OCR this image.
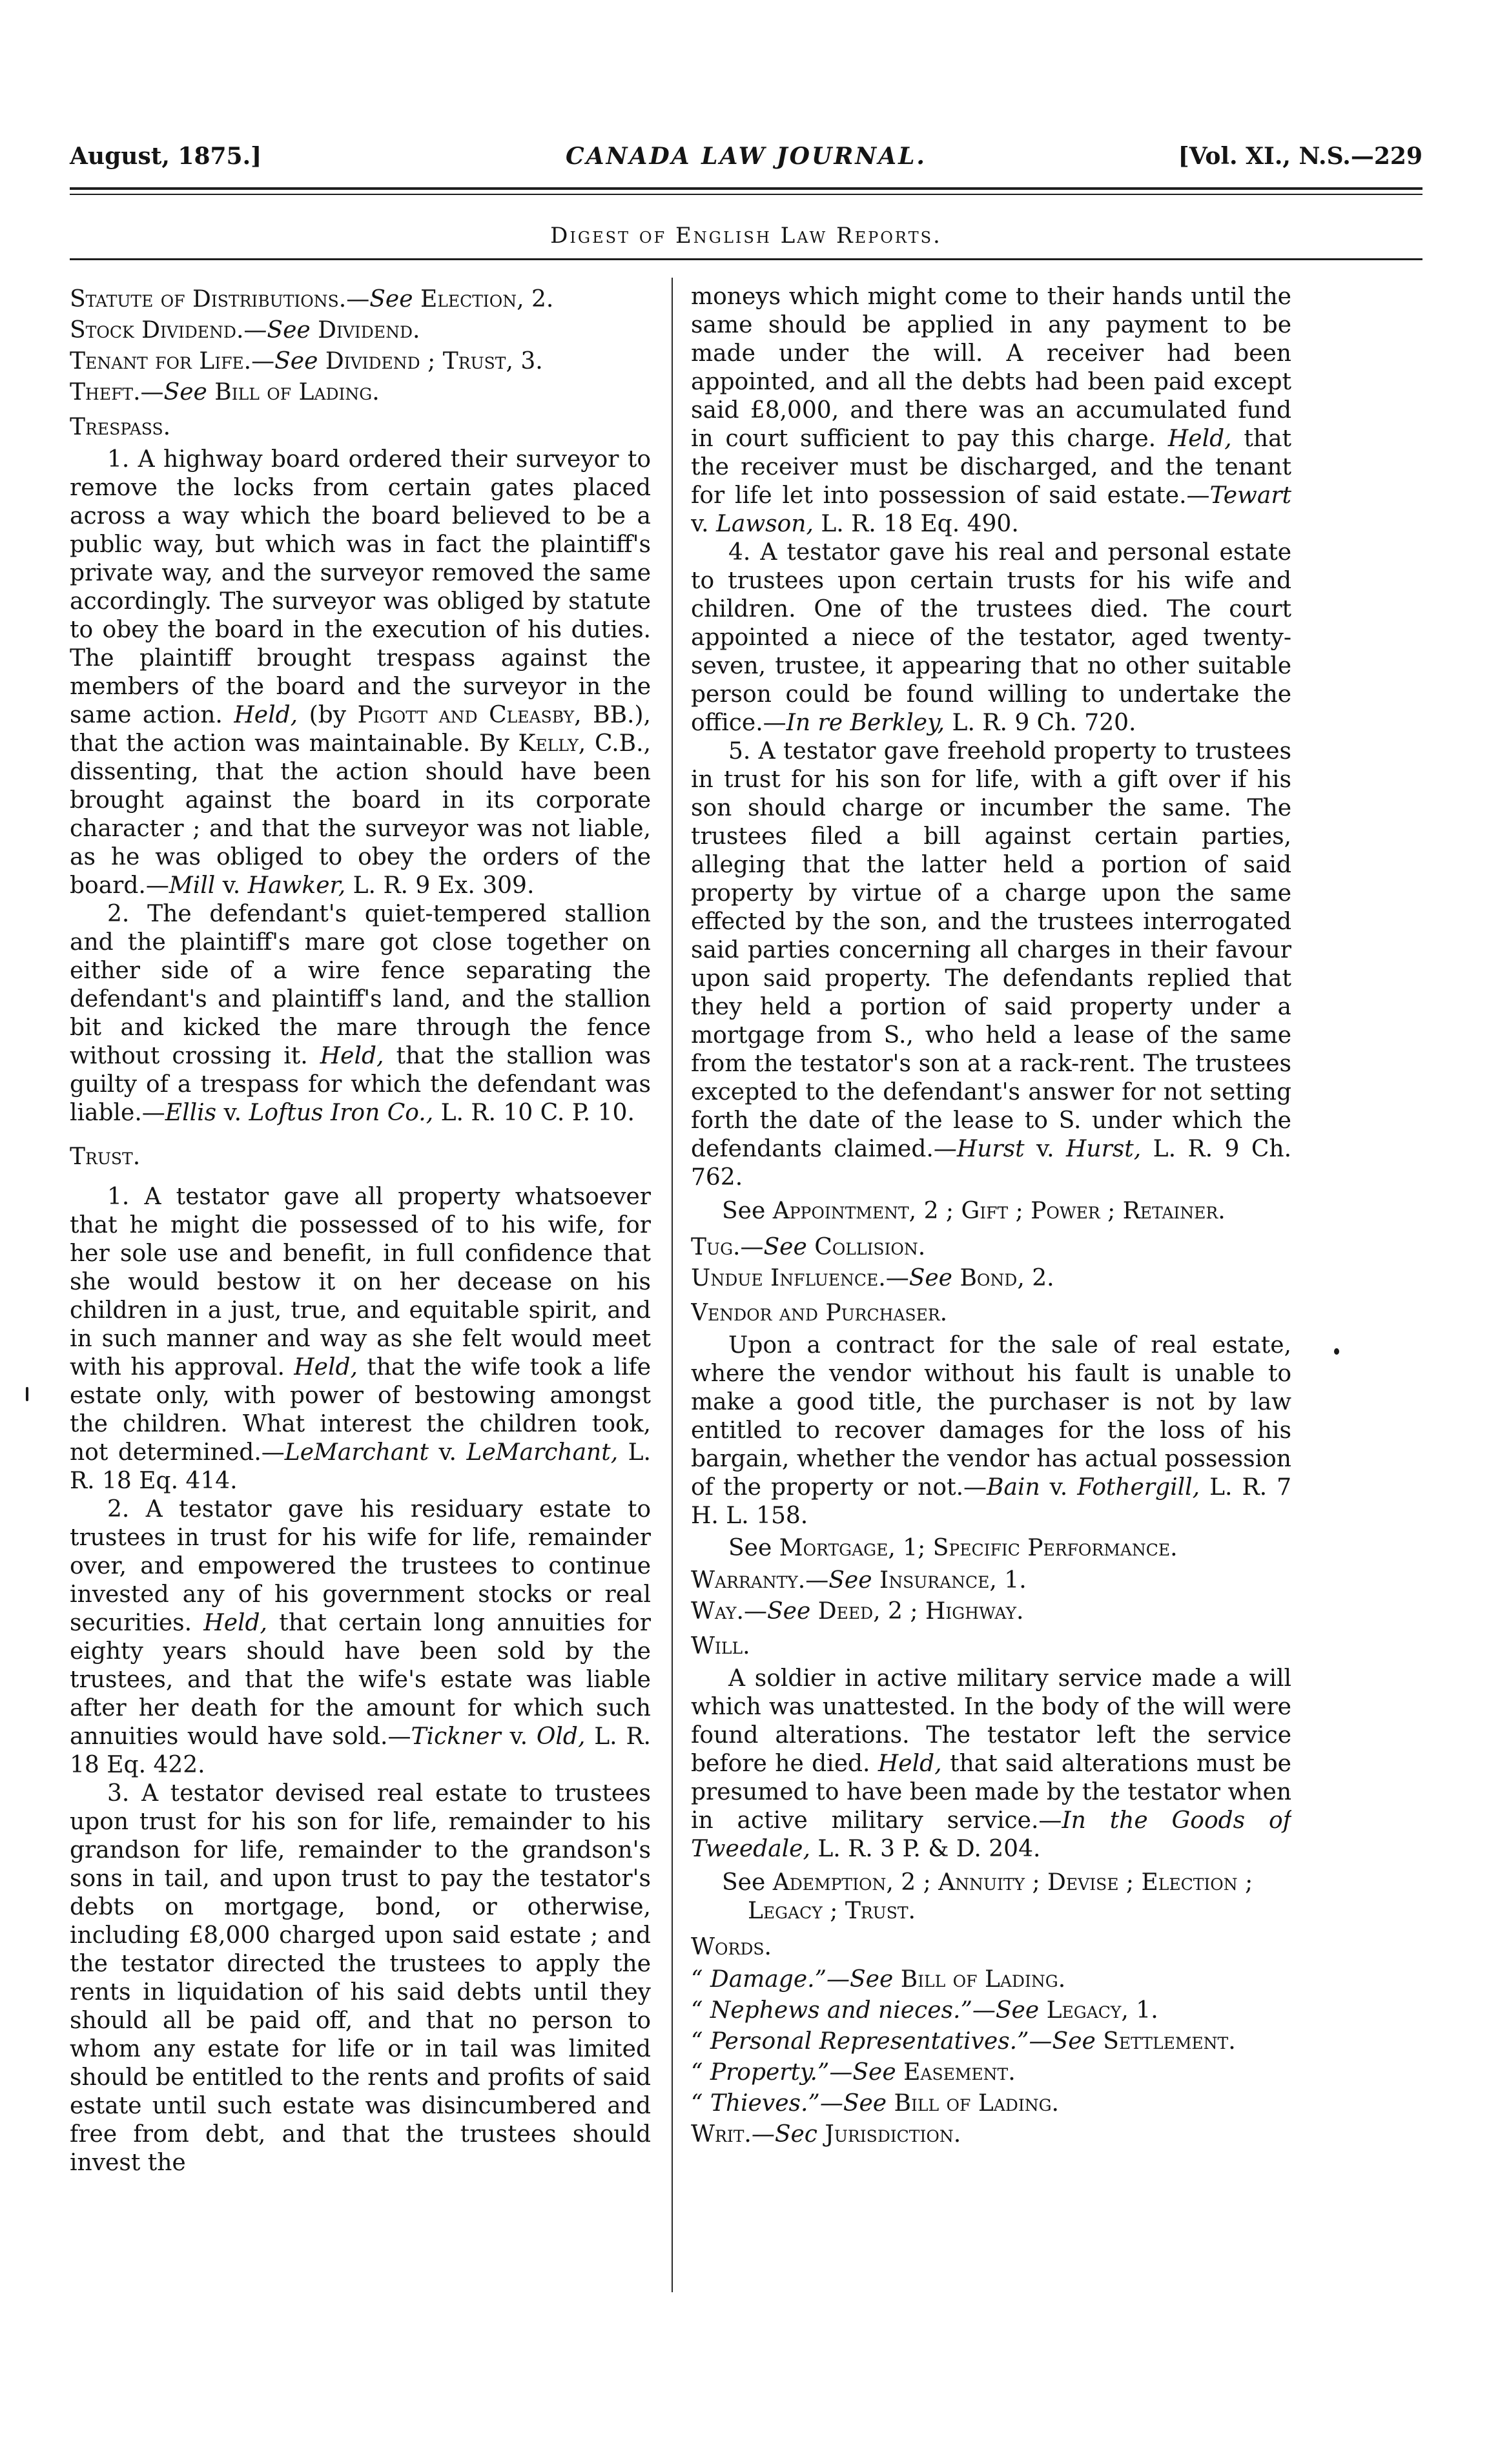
August, 1875.]	CANADA LAW JOURNAL.	[Vol. XI., N.S.—229
Digest of English Law Reports.

Statute of Distributions.—See Election, 2.

Stock Dividend.—See Dividend.

Tenant for Life.—See Dividend ; Trust, 3.

Theft.—See Bill of Lading.

Trespass.

1. A highway board ordered their surveyor to remove the locks from certain gates placed across a way which the board believed to be a public way, but which was in fact the plaintiff's private way, and the surveyor removed the same accordingly. The surveyor was obliged by statute to obey the board in the execution of his duties. The plaintiff brought trespass against the members of the board and the surveyor in the same action. Held, (by Pigott and Cleasby, BB.), that the action was maintainable. By Kelly, C.B., dissenting, that the action should have been brought against the board in its corporate character ; and that the surveyor was not liable, as he was obliged to obey the orders of the board.—Mill v. Hawker, L. R. 9 Ex. 309.

2. The defendant's quiet-tempered stallion and the plaintiff's mare got close together on either side of a wire fence separating the defendant's and plaintiff's land, and the stallion bit and kicked the mare through the fence without crossing it. Held, that the stallion was guilty of a trespass for which the defendant was liable.—Ellis v. Loftus Iron Co., L. R. 10 C. P. 10.

Trust.

1. A testator gave all property whatsoever that he might die possessed of to his wife, for her sole use and benefit, in full confidence that she would bestow it on her decease on his children in a just, true, and equitable spirit, and in such manner and way as she felt would meet with his approval. Held, that the wife took a life estate only, with power of bestowing amongst the children. What interest the children took, not determined.—LeMarchant v. LeMarchant, L. R. 18 Eq. 414.

2. A testator gave his residuary estate to trustees in trust for his wife for life, remainder over, and empowered the trustees to continue invested any of his government stocks or real securities. Held, that certain long annuities for eighty years should have been sold by the trustees, and that the wife's estate was liable after her death for the amount for which such annuities would have sold.—Tickner v. Old, L. R. 18 Eq. 422.

3. A testator devised real estate to trustees upon trust for his son for life, remainder to his grandson for life, remainder to the grandson's sons in tail, and upon trust to pay the testator's debts on mortgage, bond, or otherwise, including £8,000 charged upon said estate ; and the testator directed the trustees to apply the rents in liquidation of his said debts until they should all be paid off, and that no person to whom any estate for life or in tail was limited should be entitled to the rents and profits of said estate until such estate was disincumbered and free from debt, and that the trustees should invest the

moneys which might come to their hands until the same should be applied in any payment to be made under the will. A receiver had been appointed, and all the debts had been paid except said £8,000, and there was an accumulated fund in court sufficient to pay this charge. Held, that the receiver must be discharged, and the tenant for life let into possession of said estate.—Tewart v. Lawson, L. R. 18 Eq. 490.

4. A testator gave his real and personal estate to trustees upon certain trusts for his wife and children. One of the trustees died. The court appointed a niece of the testator, aged twenty-seven, trustee, it appearing that no other suitable person could be found willing to undertake the office.—In re Berkley, L. R. 9 Ch. 720.

5. A testator gave freehold property to trustees in trust for his son for life, with a gift over if his son should charge or incumber the same. The trustees filed a bill against certain parties, alleging that the latter held a portion of said property by virtue of a charge upon the same effected by the son, and the trustees interrogated said parties concerning all charges in their favour upon said property. The defendants replied that they held a portion of said property under a mortgage from S., who held a lease of the same from the testator's son at a rack-rent. The trustees excepted to the defendant's answer for not setting forth the date of the lease to S. under which the defendants claimed.—Hurst v. Hurst, L. R. 9 Ch. 762.

See Appointment, 2 ; Gift ; Power ; Retainer.

Tug.—See Collision.

Undue Influence.—See Bond, 2.

Vendor and Purchaser.

Upon a contract for the sale of real estate, where the vendor without his fault is unable to make a good title, the purchaser is not by law entitled to recover damages for the loss of his bargain, whether the vendor has actual possession of the property or not.—Bain v. Fothergill, L. R. 7 H. L. 158.

See Mortgage, 1; Specific Performance.

Warranty.—See Insurance, 1.

Way.—See Deed, 2 ; Highway.

Will.

A soldier in active military service made a will which was unattested. In the body of the will were found alterations. The testator left the service before he died. Held, that said alterations must be presumed to have been made by the testator when in active military service.—In the Goods of Tweedale, L. R. 3 P. & D. 204.

See Ademption, 2 ; Annuity ; Devise ; Election ; Legacy ; Trust.

Words.

“ Damage.”—See Bill of Lading.

“ Nephews and nieces.”—See Legacy, 1.

“ Personal Representatives.”—See Settlement.

“ Property.”—See Easement.

“ Thieves.”—See Bill of Lading.

Writ.—Sec Jurisdiction.
